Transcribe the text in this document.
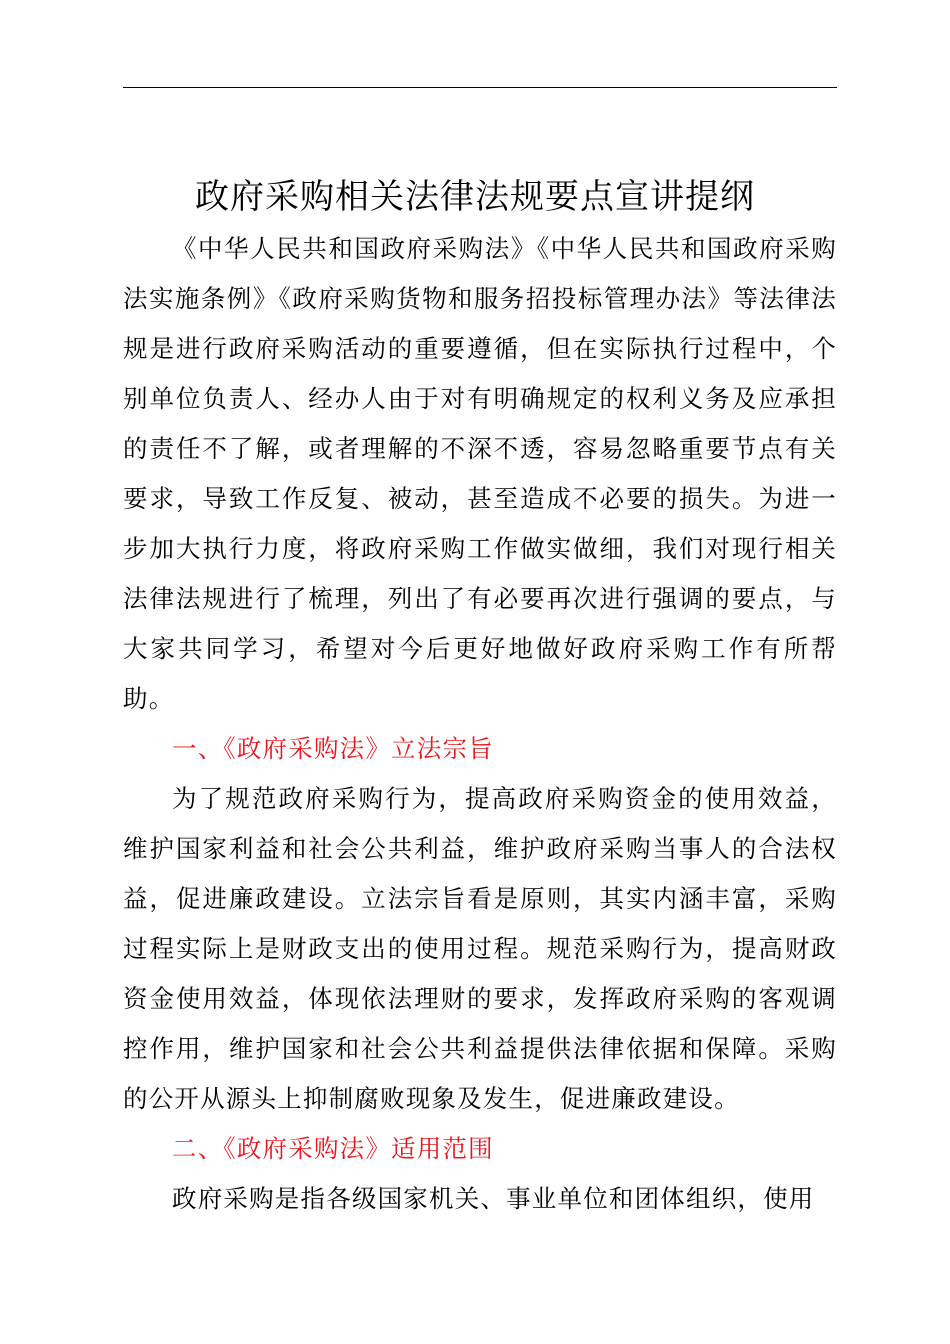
政府采购相关法律法规要点宣讲提纲

《中华人民共和国政府采购法》《中华人民共和国政府采购法实施条例》《政府采购货物和服务招投标管理办法》等法律法规是进行政府采购活动的重要遵循，但在实际执行过程中，个别单位负责人、经办人由于对有明确规定的权利义务及应承担的责任不了解，或者理解的不深不透，容易忽略重要节点有关要求，导致工作反复、被动，甚至造成不必要的损失。为进一步加大执行力度，将政府采购工作做实做细，我们对现行相关法律法规进行了梳理，列出了有必要再次进行强调的要点，与大家共同学习，希望对今后更好地做好政府采购工作有所帮助。

一、《政府采购法》立法宗旨

为了规范政府采购行为，提高政府采购资金的使用效益，维护国家利益和社会公共利益，维护政府采购当事人的合法权益，促进廉政建设。立法宗旨看是原则，其实内涵丰富，采购过程实际上是财政支出的使用过程。规范采购行为，提高财政资金使用效益，体现依法理财的要求，发挥政府采购的客观调控作用，维护国家和社会公共利益提供法律依据和保障。采购的公开从源头上抑制腐败现象及发生，促进廉政建设。

二、《政府采购法》适用范围

政府采购是指各级国家机关、事业单位和团体组织，使用
